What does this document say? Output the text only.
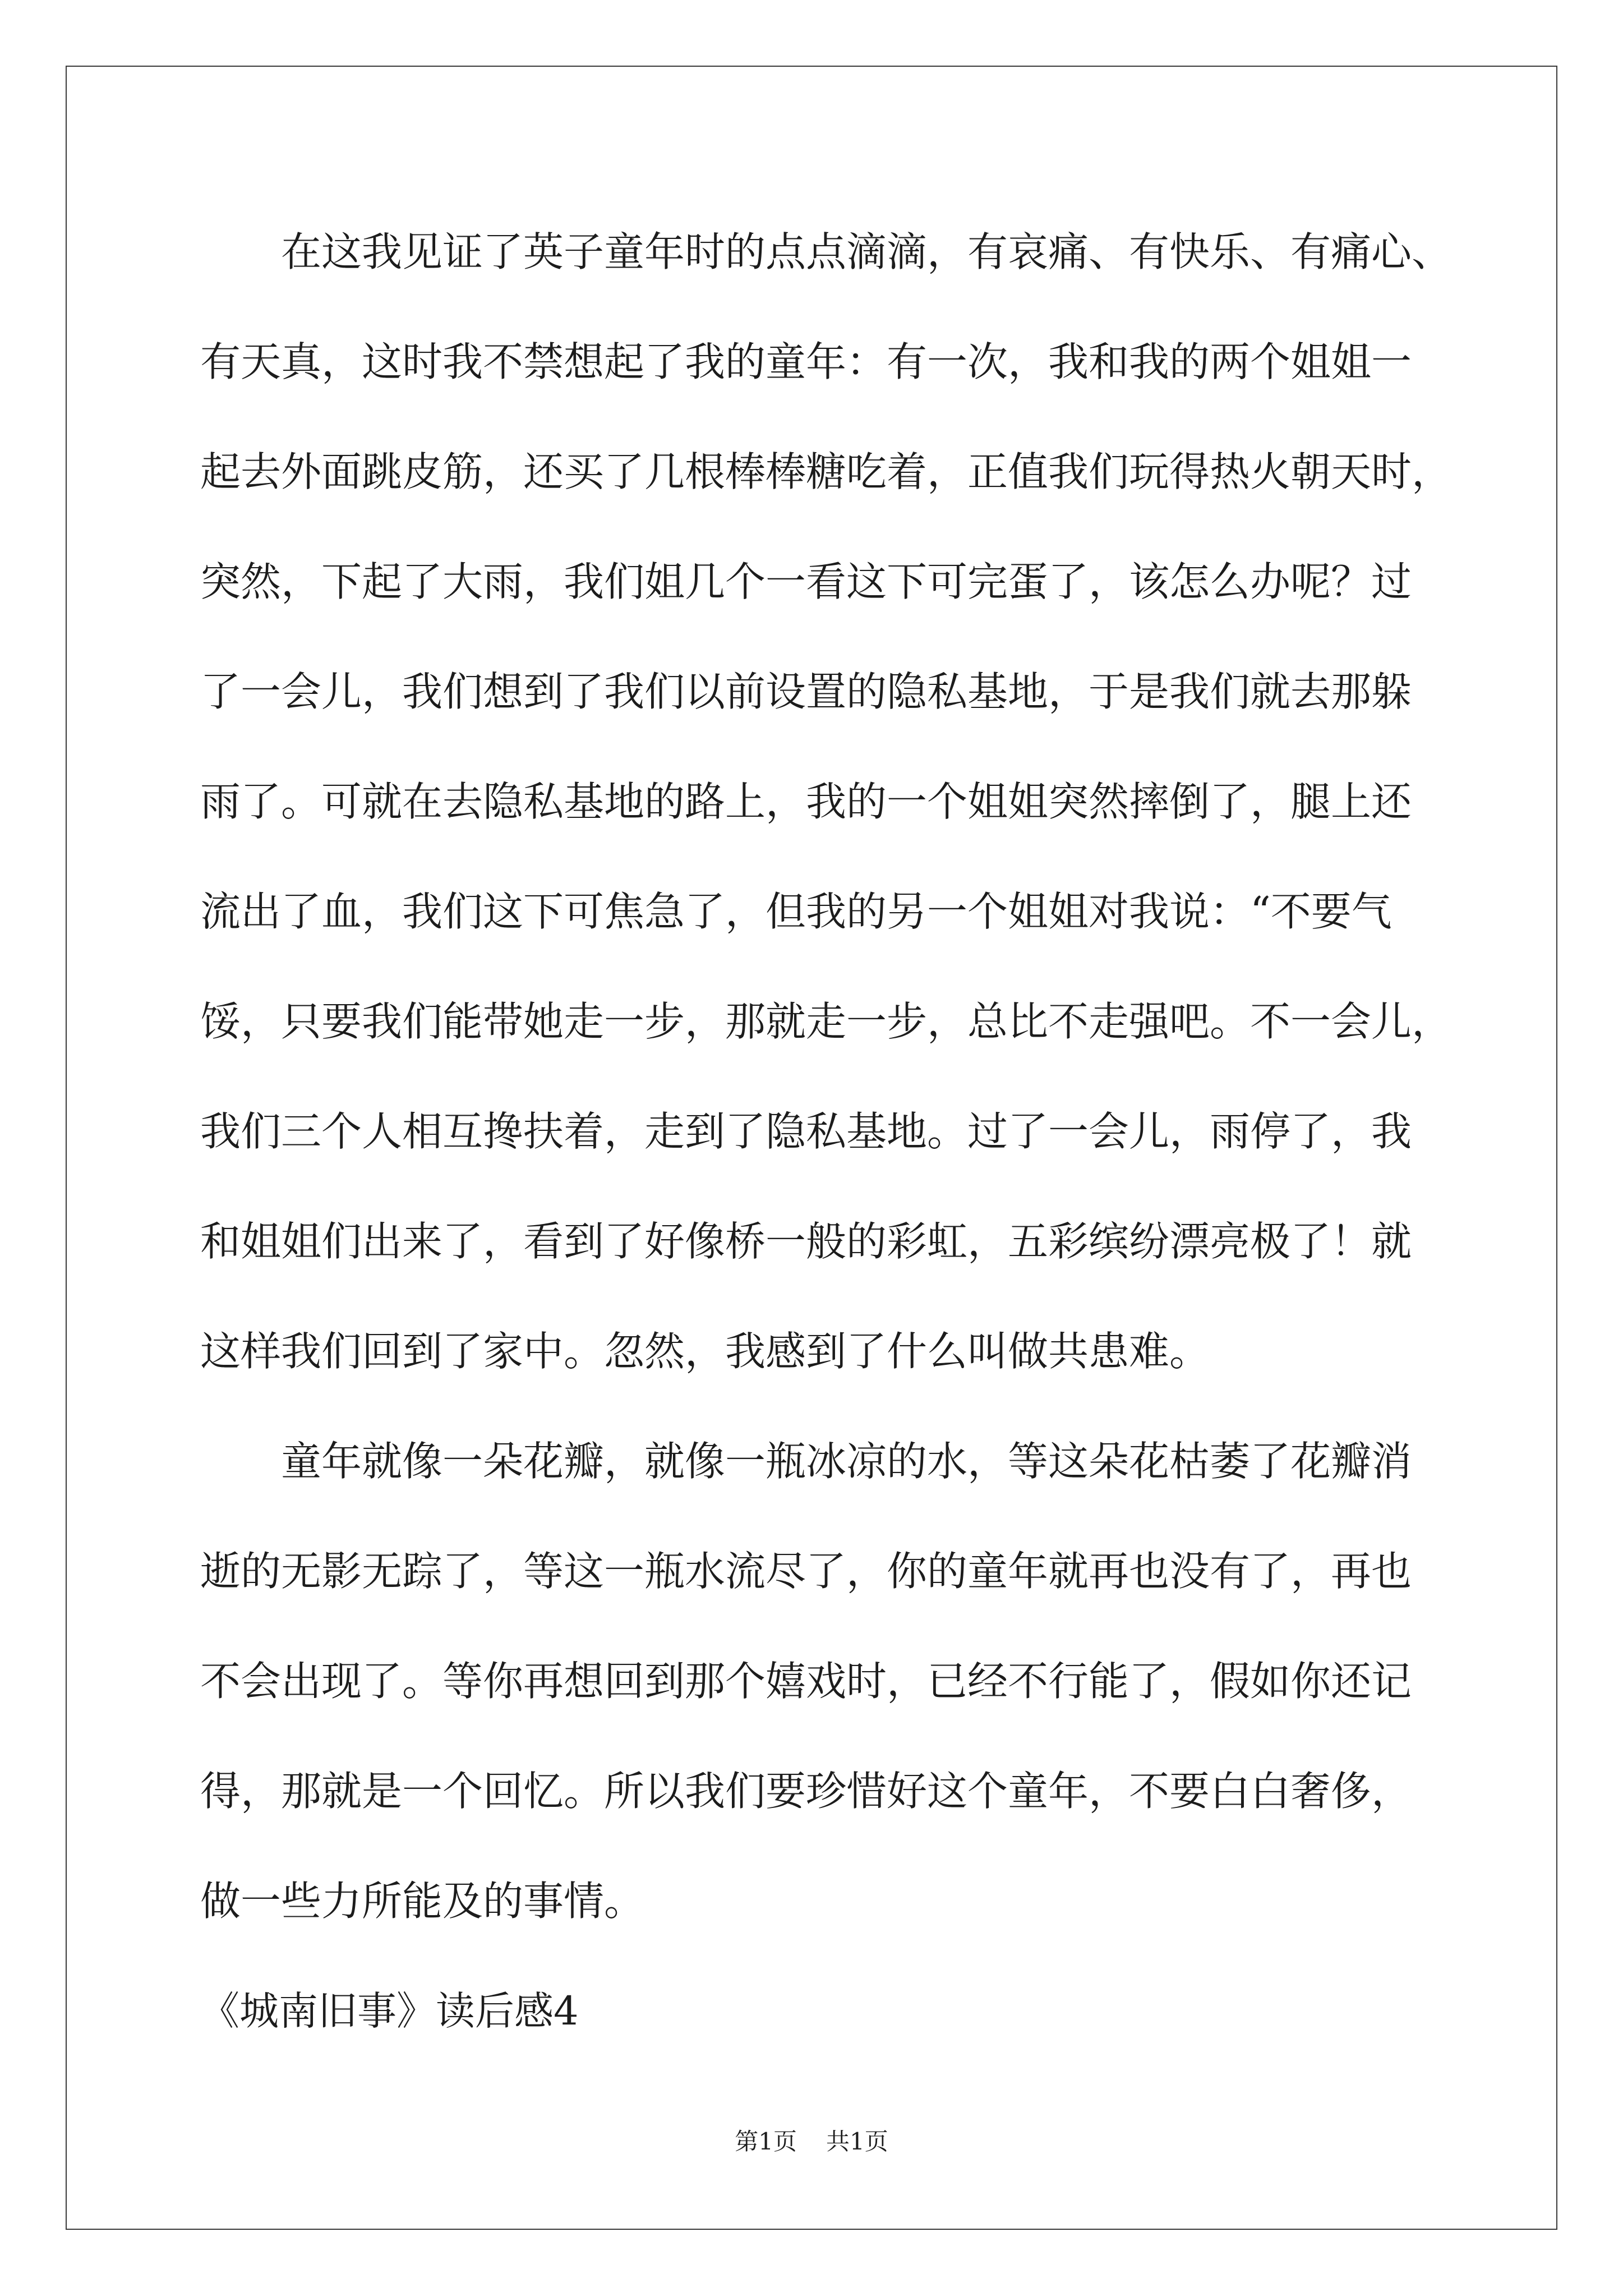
在这我见证了英子童年时的点点滴滴，有哀痛、有快乐、有痛心、
有天真，这时我不禁想起了我的童年：有一次，我和我的两个姐姐一
起去外面跳皮筋，还买了几根棒棒糖吃着，正值我们玩得热火朝天时，
突然，下起了大雨，我们姐几个一看这下可完蛋了，该怎么办呢？过
了一会儿，我们想到了我们以前设置的隐私基地，于是我们就去那躲
雨了。可就在去隐私基地的路上，我的一个姐姐突然摔倒了，腿上还
流出了血，我们这下可焦急了，但我的另一个姐姐对我说：“不要气
馁，只要我们能带她走一步，那就走一步，总比不走强吧。不一会儿，
我们三个人相互搀扶着，走到了隐私基地。过了一会儿，雨停了，我
和姐姐们出来了，看到了好像桥一般的彩虹，五彩缤纷漂亮极了！就
这样我们回到了家中。忽然，我感到了什么叫做共患难。
童年就像一朵花瓣，就像一瓶冰凉的水，等这朵花枯萎了花瓣消
逝的无影无踪了，等这一瓶水流尽了，你的童年就再也没有了，再也
不会出现了。等你再想回到那个嬉戏时，已经不行能了，假如你还记
得，那就是一个回忆。所以我们要珍惜好这个童年，不要白白奢侈，
做一些力所能及的事情。
《城南旧事》读后感4
第1页 共1页
